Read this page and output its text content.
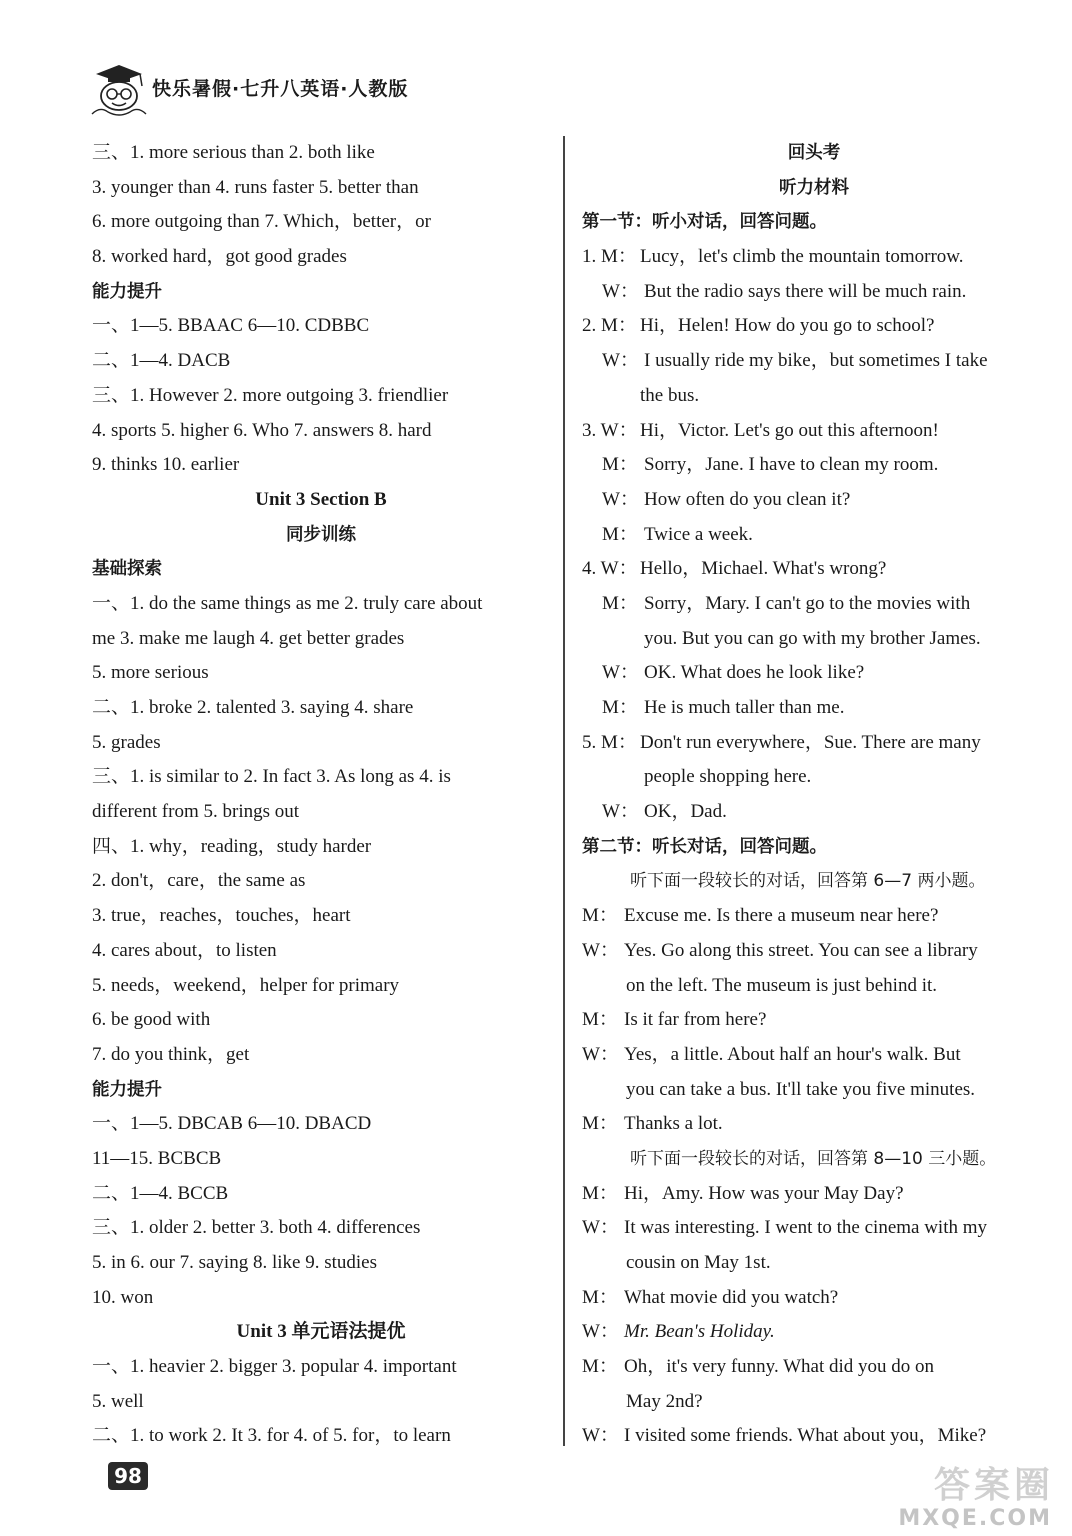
快乐暑假·七升八英语·人教版
三、1. more serious than 2. both like
3. younger than 4. runs faster 5. better than
6. more outgoing than 7. Which，better，or
8. worked hard，got good grades
能力提升
一、1—5. BBAAC 6—10. CDBBC
二、1—4. DACB
三、1. However 2. more outgoing 3. friendlier
4. sports 5. higher 6. Who 7. answers 8. hard
9. thinks 10. earlier
Unit 3 Section B
同步训练
基础探索
一、1. do the same things as me 2. truly care about
me 3. make me laugh 4. get better grades
5. more serious
二、1. broke 2. talented 3. saying 4. share
5. grades
三、1. is similar to 2. In fact 3. As long as 4. is
different from 5. brings out
四、1. why，reading，study harder
2. don't，care，the same as
3. true，reaches，touches，heart
4. cares about，to listen
5. needs，weekend，helper for primary
6. be good with
7. do you think，get
能力提升
一、1—5. DBCAB 6—10. DBACD
11—15. BCBCB
二、1—4. BCCB
三、1. older 2. better 3. both 4. differences
5. in 6. our 7. saying 8. like 9. studies
10. won
Unit 3 单元语法提优
一、1. heavier 2. bigger 3. popular 4. important
5. well
二、1. to work 2. It 3. for 4. of 5. for，to learn
回头考
听力材料
第一节：听小对话，回答问题。
1. M： Lucy，let's climb the mountain tomorrow.
W： But the radio says there will be much rain.
2. M： Hi，Helen! How do you go to school?
W： I usually ride my bike，but sometimes I take
the bus.
3. W： Hi，Victor. Let's go out this afternoon!
M： Sorry，Jane. I have to clean my room.
W： How often do you clean it?
M： Twice a week.
4. W： Hello，Michael. What's wrong?
M： Sorry，Mary. I can't go to the movies with
you. But you can go with my brother James.
W： OK. What does he look like?
M： He is much taller than me.
5. M： Don't run everywhere，Sue. There are many
people shopping here.
W： OK，Dad.
第二节：听长对话，回答问题。
听下面一段较长的对话，回答第 6—7 两小题。
M： Excuse me. Is there a museum near here?
W： Yes. Go along this street. You can see a library
on the left. The museum is just behind it.
M： Is it far from here?
W： Yes，a little. About half an hour's walk. But
you can take a bus. It'll take you five minutes.
M： Thanks a lot.
听下面一段较长的对话，回答第 8—10 三小题。
M： Hi，Amy. How was your May Day?
W： It was interesting. I went to the cinema with my
cousin on May 1st.
M： What movie did you watch?
W： Mr. Bean's Holiday.
M： Oh，it's very funny. What did you do on
May 2nd?
W： I visited some friends. What about you，Mike?
98	答案圈
MXQE.COM
